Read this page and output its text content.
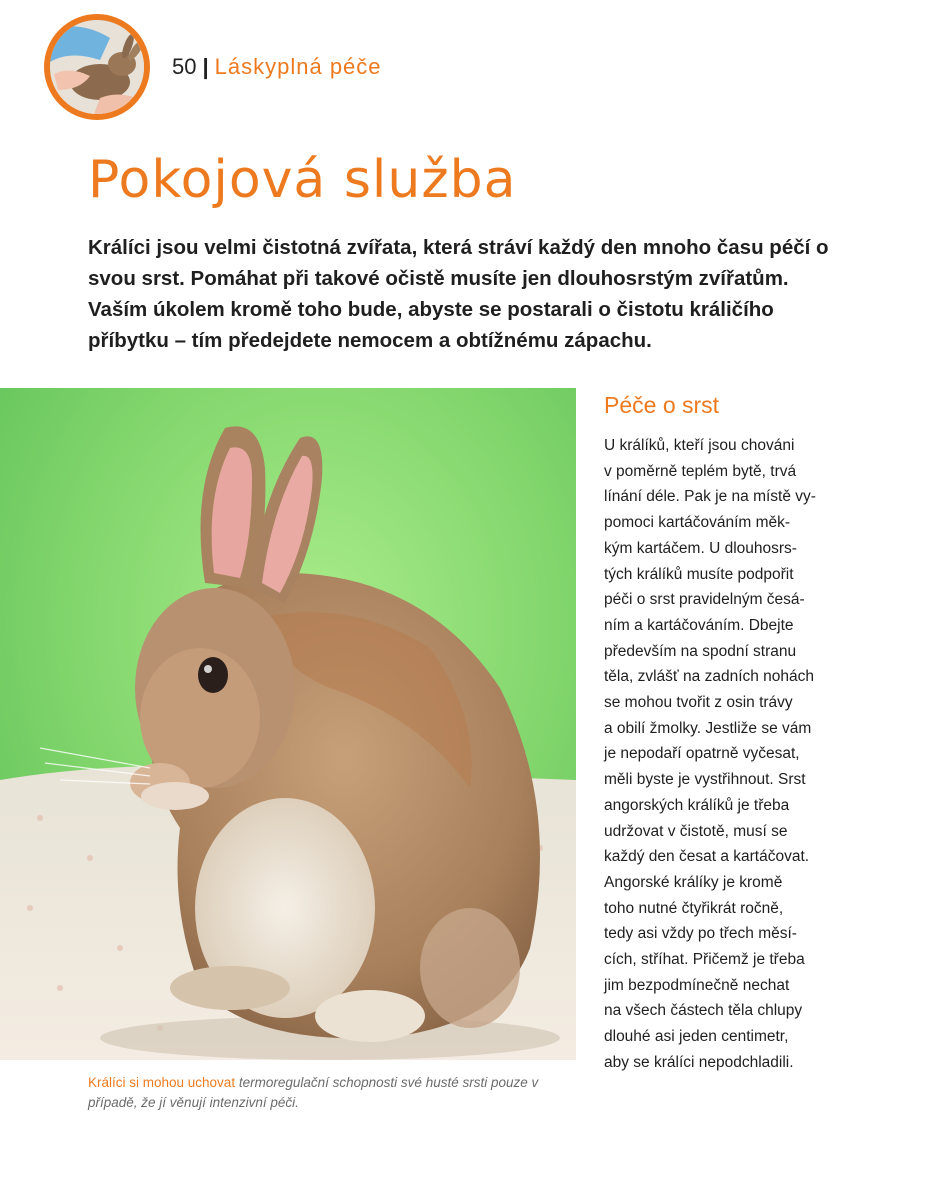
50 | Láskyplná péče
Pokojová služba

Králíci jsou velmi čistotná zvířata, která stráví každý den mnoho času péčí o svou srst. Pomáhat při takové očistě musíte jen dlouhosrstým zvířatům. Vaším úkolem kromě toho bude, abyste se postarali o čistotu králičího příbytku – tím předejdete nemocem a obtížnému zápachu.

Králíci si mohou uchovat termoregulační schopnosti své husté srsti pouze v případě, že jí věnují intenzivní péči.

Péče o srst
U králíků, kteří jsou chováni
v poměrně teplém bytě, trvá
línání déle. Pak je na místě vy-
pomoci kartáčováním měk-
kým kartáčem. U dlouhosrs-
tých králíků musíte podpořit
péči o srst pravidelným česá-
ním a kartáčováním. Dbejte
především na spodní stranu
těla, zvlášť na zadních nohách
se mohou tvořit z osin trávy
a obilí žmolky. Jestliže se vám
je nepodaří opatrně vyčesat,
měli byste je vystřihnout. Srst
angorských králíků je třeba
udržovat v čistotě, musí se
každý den česat a kartáčovat.
Angorské králíky je kromě
toho nutné čtyřikrát ročně,
tedy asi vždy po třech měsí-
cích, stříhat. Přičemž je třeba
jim bezpodmínečně nechat
na všech částech těla chlupy
dlouhé asi jeden centimetr,
aby se králíci nepodchladili.
